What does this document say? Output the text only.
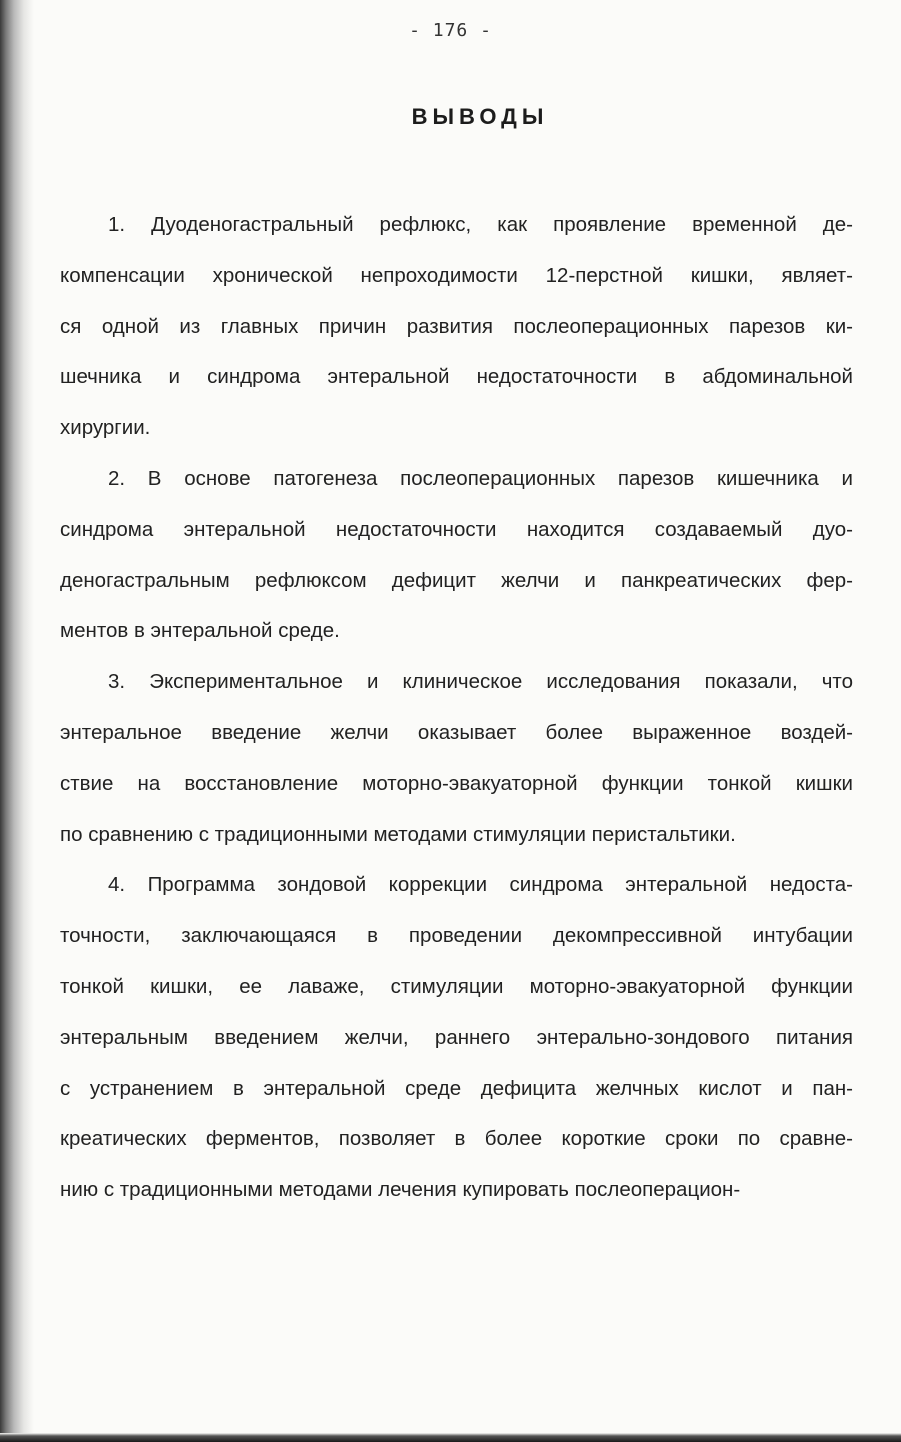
- 176 -
ВЫВОДЫ
1. Дуоденогастральный рефлюкс, как проявление временной де-
компенсации хронической непроходимости 12-перстной кишки, являет-
ся одной из главных причин развития послеоперационных парезов ки-
шечника и синдрома энтеральной недостаточности в абдоминальной
хирургии.
2. В основе патогенеза послеоперационных парезов кишечника и
синдрома энтеральной недостаточности находится создаваемый дуо-
деногастральным рефлюксом дефицит желчи и панкреатических фер-
ментов в энтеральной среде.
3. Экспериментальное и клиническое исследования показали, что
энтеральное введение желчи оказывает более выраженное воздей-
ствие на восстановление моторно-эвакуаторной функции тонкой кишки
по сравнению с традиционными методами стимуляции перистальтики.
4. Программа зондовой коррекции синдрома энтеральной недоста-
точности, заключающаяся в проведении декомпрессивной интубации
тонкой кишки, ее лаваже, стимуляции моторно-эвакуаторной функции
энтеральным введением желчи, раннего энтерально-зондового питания
с устранением в энтеральной среде дефицита желчных кислот и пан-
креатических ферментов, позволяет в более короткие сроки по сравне-
нию с традиционными методами лечения купировать послеоперацион-
